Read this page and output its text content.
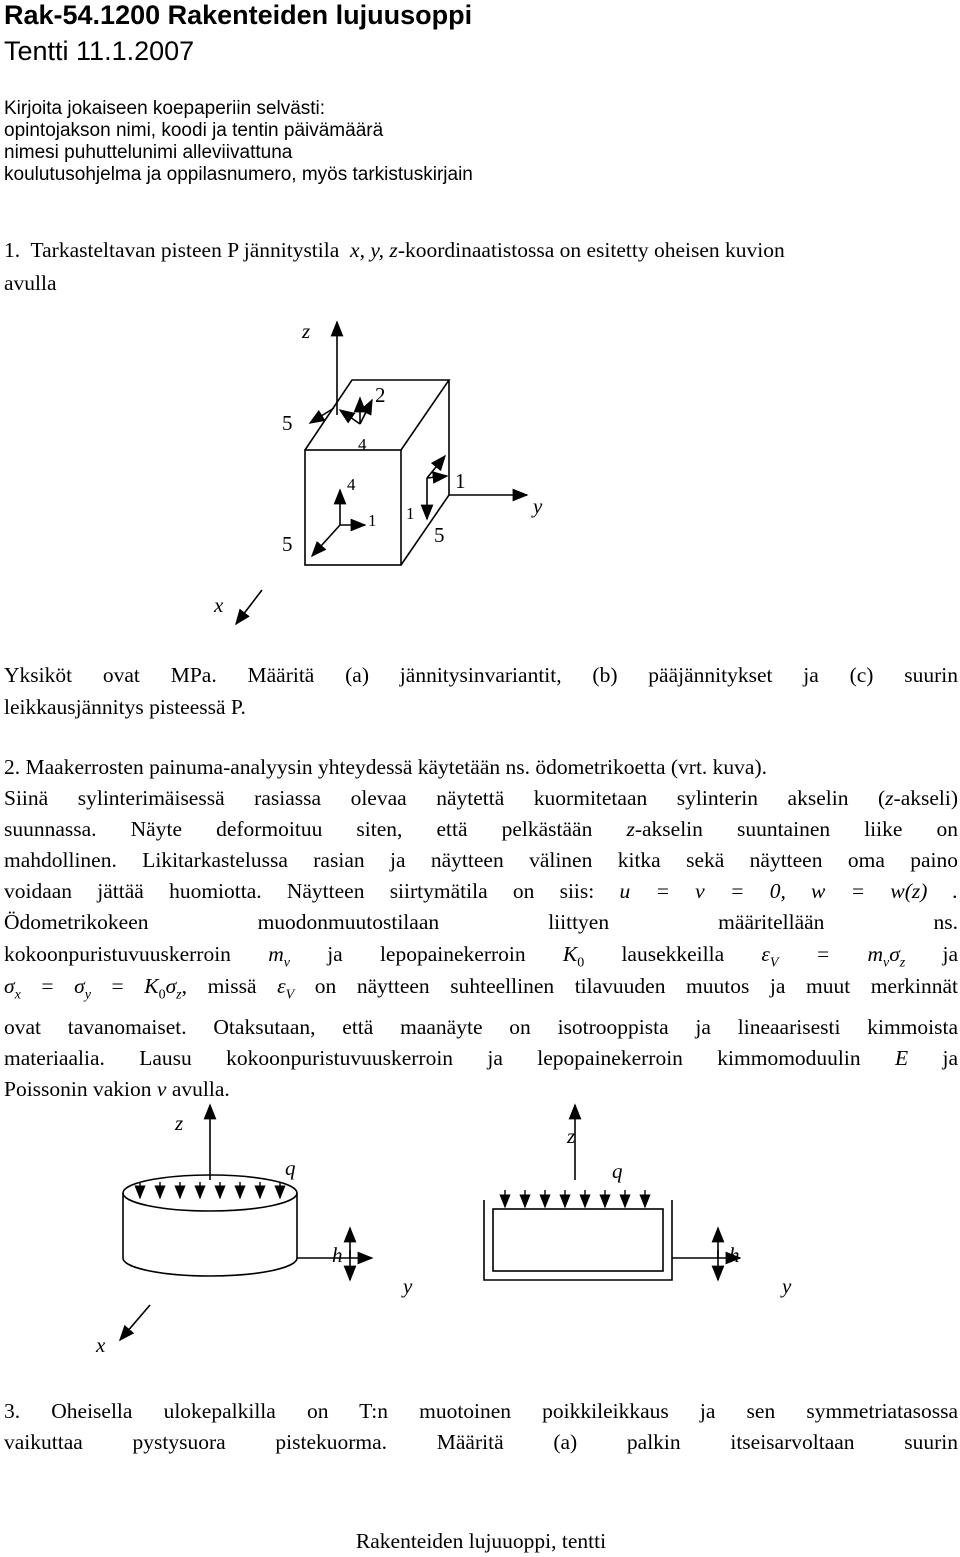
Rak-54.1200 Rakenteiden lujuusoppi
Tentti 11.1.2007
Kirjoita jokaiseen koepaperiin selvästi:
opintojakson nimi, koodi ja tentin päivämäärä
nimesi puhuttelunimi alleviivattuna
koulutusohjelma ja oppilasnumero, myös tarkistuskirjain
1. Tarkasteltavan pisteen P jännitystila x, y, z-koordinaatistossa on esitetty oheisen kuvion
avulla
z
y
x
2
4
5
4
1
5
1
1
5
z
q
h
y
x
z
q
h
y
Yksiköt ovat MPa. Määritä (a) jännitysinvariantit, (b) pääjännitykset ja (c) suurin
leikkausjännitys pisteessä P.
2. Maakerrosten painuma-analyysin yhteydessä käytetään ns. ödometrikoetta (vrt. kuva).
Siinä sylinterimäisessä rasiassa olevaa näytettä kuormitetaan sylinterin akselin (z-akseli)
suunnassa. Näyte deformoituu siten, että pelkästään z-akselin suuntainen liike on
mahdollinen. Likitarkastelussa rasian ja näytteen välinen kitka sekä näytteen oma paino
voidaan jättää huomiotta. Näytteen siirtymätila on siis: u = v = 0, w = w(z) .
Ödometrikokeen muodonmuutostilaan liittyen määritellään ns.
kokoonpuristuvuuskerroin $m_v$ ja lepopainekerroin $K_0$ lausekkeilla $\varepsilon_V = m_v\sigma_z$ ja
$\sigma_x = \sigma_y = K_0\sigma_z$, missä $\varepsilon_V$ on näytteen suhteellinen tilavuuden muutos ja muut merkinnät
ovat tavanomaiset. Otaksutaan, että maanäyte on isotrooppista ja lineaarisesti kimmoista
materiaalia. Lausu kokoonpuristuvuuskerroin ja lepopainekerroin kimmomoduulin E ja
Poissonin vakion ν avulla.
3. Oheisella ulokepalkilla on T:n muotoinen poikkileikkaus ja sen symmetriatasossa
vaikuttaa pystysuora pistekuorma. Määritä (a) palkin itseisarvoltaan suurin
Rakenteiden lujuuoppi, tentti
